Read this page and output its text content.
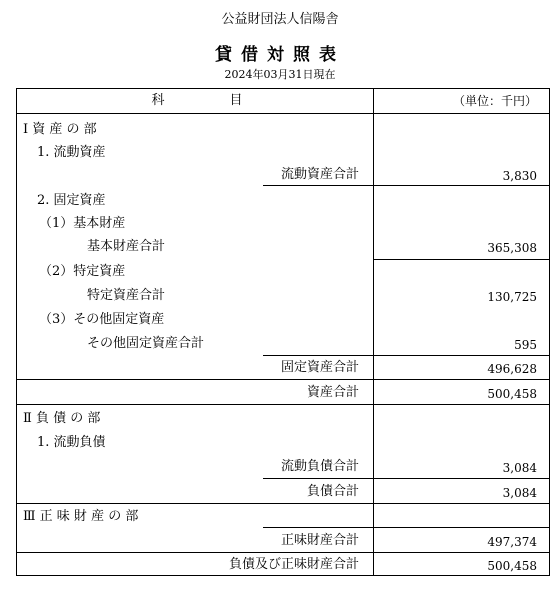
公益財団法人信陽舎
貸借対照表
2024年03月31日現在
科　　　　　目	（単位：千円）
Ⅰ 資 産 の 部
1. 流動資産
流動資産合計	3,830
2. 固定資産
（1）基本財産
基本財産合計	365,308
（2）特定資産
特定資産合計	130,725
（3）その他固定資産
その他固定資産合計	595
固定資産合計	496,628
資産合計	500,458
Ⅱ 負 債 の 部
1. 流動負債
流動負債合計	3,084
負債合計	3,084
Ⅲ 正 味 財 産 の 部
正味財産合計	497,374
負債及び正味財産合計	500,458
